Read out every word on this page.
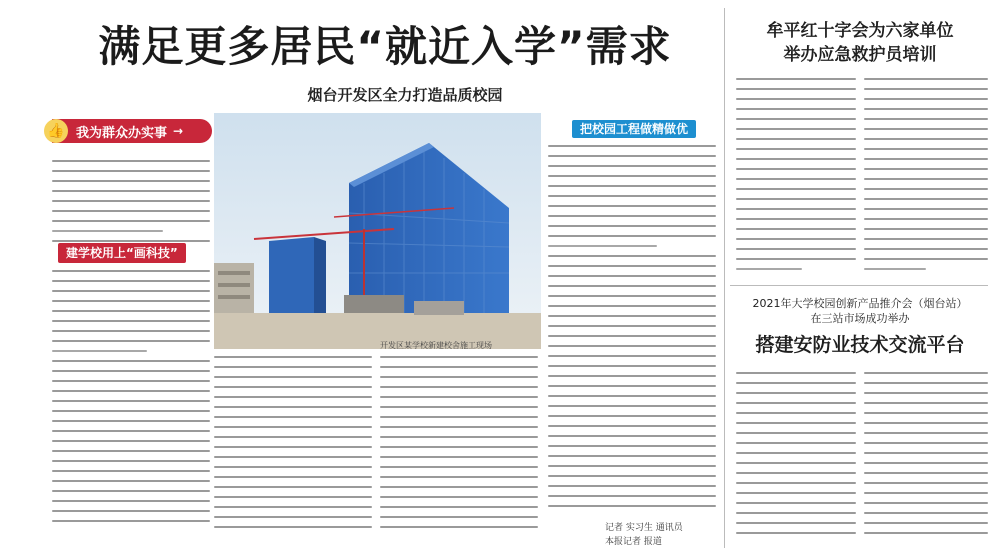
满足更多居民“就近入学”需求
烟台开发区全力打造品质校园
👍 我为群众办实事 →
建学校用上“画科技”
开发区某学校新建校舍施工现场
把校园工程做精做优
记者 实习生 通讯员
本报记者 报道
牟平红十字会为六家单位
举办应急救护员培训
2021年大学校园创新产品推介会（烟台站）
在三站市场成功举办
搭建安防业技术交流平台
